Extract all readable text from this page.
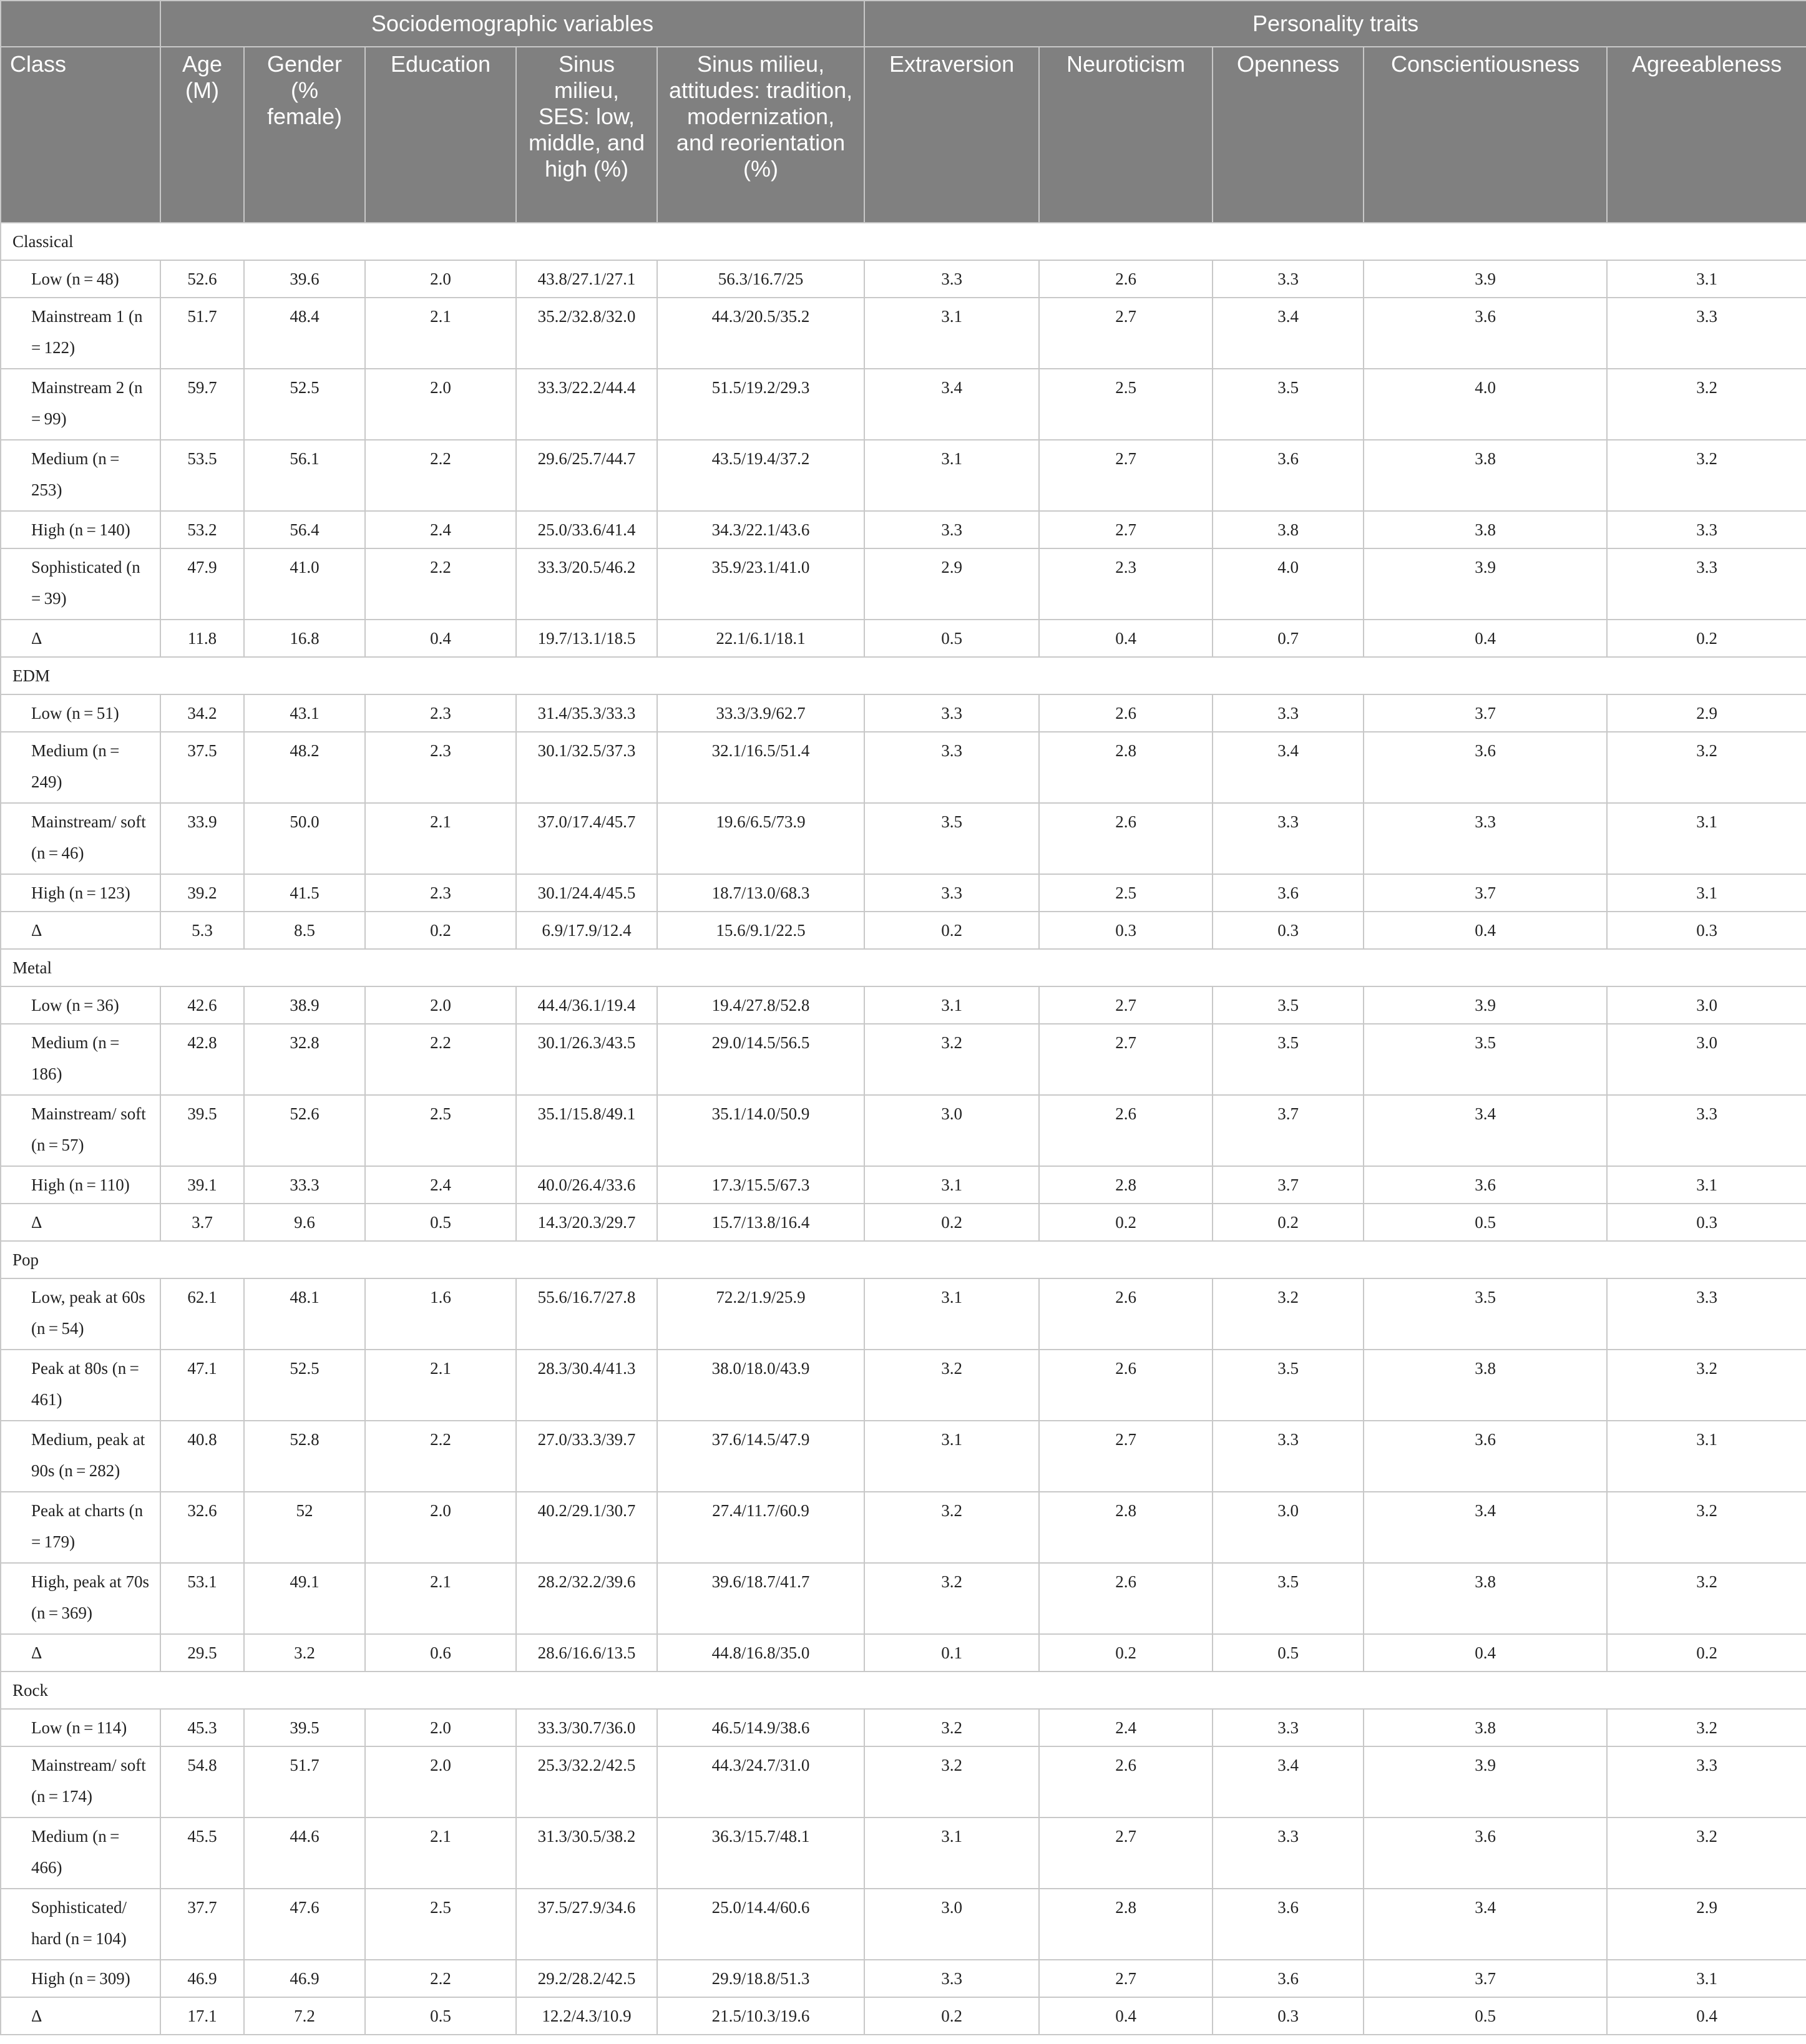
	Sociodemographic variables					Personality traits				
Class	Age (M)	Gender (% female)	Education	Sinus milieu, SES: low, middle, and high (%)	Sinus milieu, attitudes: tradition, modernization, and reorientation (%)	Extraversion	Neuroticism	Openness	Conscientiousness	Agreeableness
Classical										
Low (n = 48)	52.6	39.6	2.0	43.8/27.1/27.1	56.3/16.7/25	3.3	2.6	3.3	3.9	3.1
Mainstream 1 (n = 122)	51.7	48.4	2.1	35.2/32.8/32.0	44.3/20.5/35.2	3.1	2.7	3.4	3.6	3.3
Mainstream 2 (n = 99)	59.7	52.5	2.0	33.3/22.2/44.4	51.5/19.2/29.3	3.4	2.5	3.5	4.0	3.2
Medium (n = 253)	53.5	56.1	2.2	29.6/25.7/44.7	43.5/19.4/37.2	3.1	2.7	3.6	3.8	3.2
High (n = 140)	53.2	56.4	2.4	25.0/33.6/41.4	34.3/22.1/43.6	3.3	2.7	3.8	3.8	3.3
Sophisticated (n = 39)	47.9	41.0	2.2	33.3/20.5/46.2	35.9/23.1/41.0	2.9	2.3	4.0	3.9	3.3
Δ	11.8	16.8	0.4	19.7/13.1/18.5	22.1/6.1/18.1	0.5	0.4	0.7	0.4	0.2
EDM										
Low (n = 51)	34.2	43.1	2.3	31.4/35.3/33.3	33.3/3.9/62.7	3.3	2.6	3.3	3.7	2.9
Medium (n = 249)	37.5	48.2	2.3	30.1/32.5/37.3	32.1/16.5/51.4	3.3	2.8	3.4	3.6	3.2
Mainstream/ soft (n = 46)	33.9	50.0	2.1	37.0/17.4/45.7	19.6/6.5/73.9	3.5	2.6	3.3	3.3	3.1
High (n = 123)	39.2	41.5	2.3	30.1/24.4/45.5	18.7/13.0/68.3	3.3	2.5	3.6	3.7	3.1
Δ	5.3	8.5	0.2	6.9/17.9/12.4	15.6/9.1/22.5	0.2	0.3	0.3	0.4	0.3
Metal										
Low (n = 36)	42.6	38.9	2.0	44.4/36.1/19.4	19.4/27.8/52.8	3.1	2.7	3.5	3.9	3.0
Medium (n = 186)	42.8	32.8	2.2	30.1/26.3/43.5	29.0/14.5/56.5	3.2	2.7	3.5	3.5	3.0
Mainstream/ soft (n = 57)	39.5	52.6	2.5	35.1/15.8/49.1	35.1/14.0/50.9	3.0	2.6	3.7	3.4	3.3
High (n = 110)	39.1	33.3	2.4	40.0/26.4/33.6	17.3/15.5/67.3	3.1	2.8	3.7	3.6	3.1
Δ	3.7	9.6	0.5	14.3/20.3/29.7	15.7/13.8/16.4	0.2	0.2	0.2	0.5	0.3
Pop										
Low, peak at 60s (n = 54)	62.1	48.1	1.6	55.6/16.7/27.8	72.2/1.9/25.9	3.1	2.6	3.2	3.5	3.3
Peak at 80s (n = 461)	47.1	52.5	2.1	28.3/30.4/41.3	38.0/18.0/43.9	3.2	2.6	3.5	3.8	3.2
Medium, peak at 90s (n = 282)	40.8	52.8	2.2	27.0/33.3/39.7	37.6/14.5/47.9	3.1	2.7	3.3	3.6	3.1
Peak at charts (n = 179)	32.6	52	2.0	40.2/29.1/30.7	27.4/11.7/60.9	3.2	2.8	3.0	3.4	3.2
High, peak at 70s (n = 369)	53.1	49.1	2.1	28.2/32.2/39.6	39.6/18.7/41.7	3.2	2.6	3.5	3.8	3.2
Δ	29.5	3.2	0.6	28.6/16.6/13.5	44.8/16.8/35.0	0.1	0.2	0.5	0.4	0.2
Rock										
Low (n = 114)	45.3	39.5	2.0	33.3/30.7/36.0	46.5/14.9/38.6	3.2	2.4	3.3	3.8	3.2
Mainstream/ soft (n = 174)	54.8	51.7	2.0	25.3/32.2/42.5	44.3/24.7/31.0	3.2	2.6	3.4	3.9	3.3
Medium (n = 466)	45.5	44.6	2.1	31.3/30.5/38.2	36.3/15.7/48.1	3.1	2.7	3.3	3.6	3.2
Sophisticated/ hard (n = 104)	37.7	47.6	2.5	37.5/27.9/34.6	25.0/14.4/60.6	3.0	2.8	3.6	3.4	2.9
High (n = 309)	46.9	46.9	2.2	29.2/28.2/42.5	29.9/18.8/51.3	3.3	2.7	3.6	3.7	3.1
Δ	17.1	7.2	0.5	12.2/4.3/10.9	21.5/10.3/19.6	0.2	0.4	0.3	0.5	0.4
